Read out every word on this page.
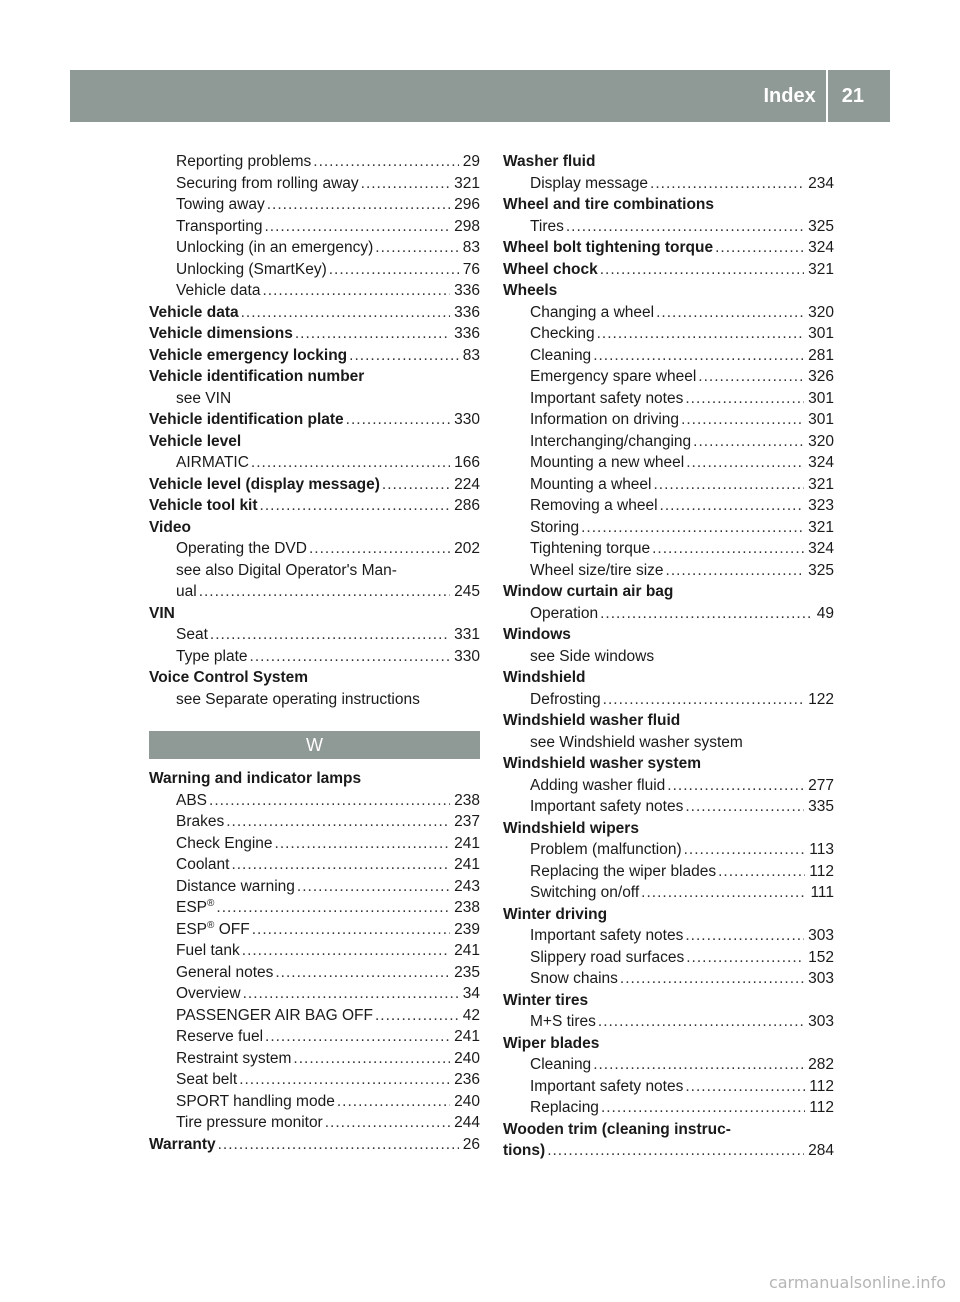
Index	21
Reporting problems .....	29
Securing from rolling away .....	321
Towing away .....	296
Transporting .....	298
Unlocking (in an emergency) .....	83
Unlocking (SmartKey) .....	76
Vehicle data .....	336
Vehicle data .....	336
Vehicle dimensions .....	336
Vehicle emergency locking .....	83
Vehicle identification number
see VIN
Vehicle identification plate .....	330
Vehicle level
AIRMATIC .....	166
Vehicle level (display message) .....	224
Vehicle tool kit .....	286
Video
Operating the DVD .....	202
see also Digital Operator's Man-
ual .....	245
VIN
Seat .....	331
Type plate .....	330
Voice Control System
see Separate operating instructions
W
Warning and indicator lamps
ABS .....	238
Brakes .....	237
Check Engine .....	241
Coolant .....	241
Distance warning .....	243
ESP® .....	238
ESP® OFF .....	239
Fuel tank .....	241
General notes .....	235
Overview .....	34
PASSENGER AIR BAG OFF .....	42
Reserve fuel .....	241
Restraint system .....	240
Seat belt .....	236
SPORT handling mode .....	240
Tire pressure monitor .....	244
Warranty .....	26
Washer fluid
Display message .....	234
Wheel and tire combinations
Tires .....	325
Wheel bolt tightening torque .....	324
Wheel chock .....	321
Wheels
Changing a wheel .....	320
Checking .....	301
Cleaning .....	281
Emergency spare wheel .....	326
Important safety notes .....	301
Information on driving .....	301
Interchanging/changing .....	320
Mounting a new wheel .....	324
Mounting a wheel .....	321
Removing a wheel .....	323
Storing .....	321
Tightening torque .....	324
Wheel size/tire size .....	325
Window curtain air bag
Operation .....	49
Windows
see Side windows
Windshield
Defrosting .....	122
Windshield washer fluid
see Windshield washer system
Windshield washer system
Adding washer fluid .....	277
Important safety notes .....	335
Windshield wipers
Problem (malfunction) .....	113
Replacing the wiper blades .....	112
Switching on/off .....	111
Winter driving
Important safety notes .....	303
Slippery road surfaces .....	152
Snow chains .....	303
Winter tires
M+S tires .....	303
Wiper blades
Cleaning .....	282
Important safety notes .....	112
Replacing .....	112
Wooden trim (cleaning instruc-
tions) .....	284
carmanualsonline.info
